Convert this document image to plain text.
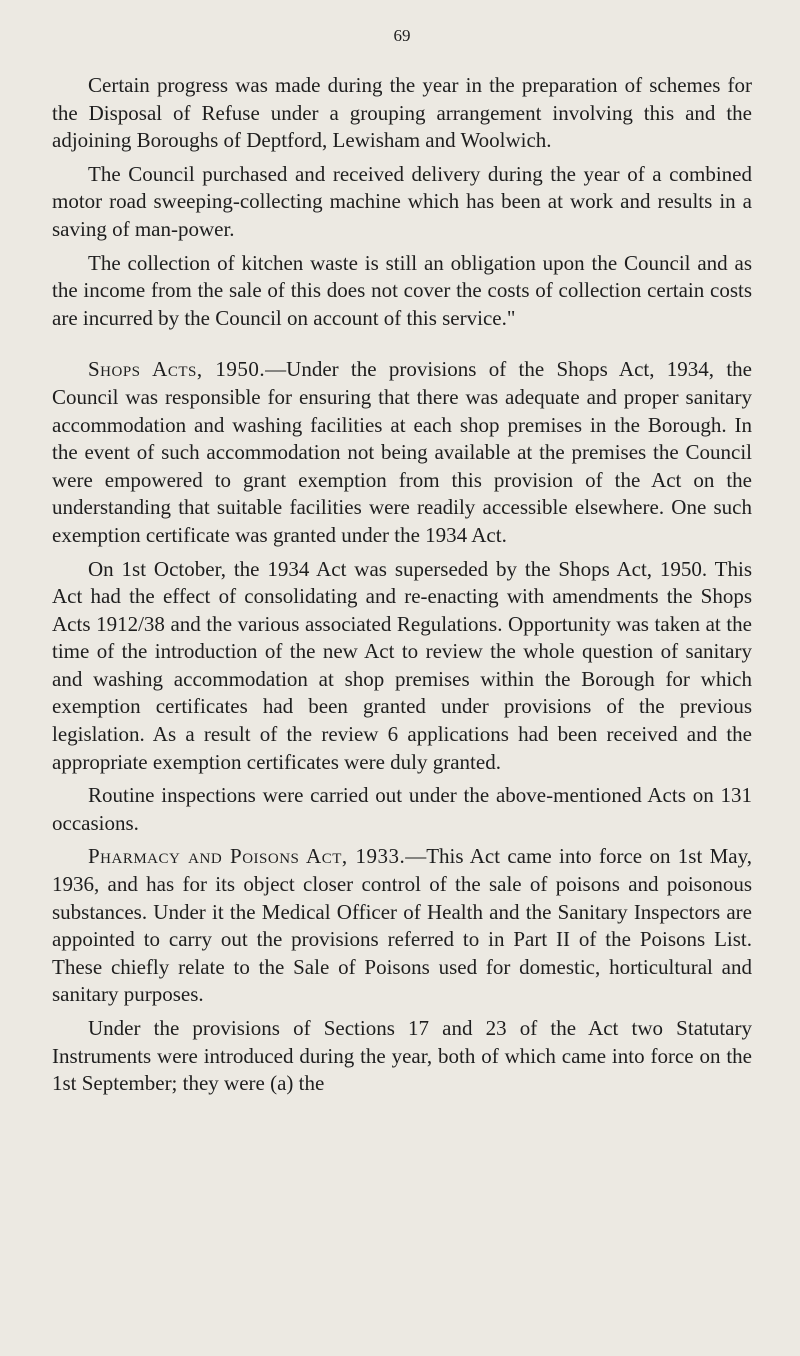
69

Certain progress was made during the year in the preparation of schemes for the Disposal of Refuse under a grouping arrangement involving this and the adjoining Boroughs of Deptford, Lewisham and Woolwich.

The Council purchased and received delivery during the year of a combined motor road sweeping-collecting machine which has been at work and results in a saving of man-power.

The collection of kitchen waste is still an obligation upon the Council and as the income from the sale of this does not cover the costs of collection certain costs are incurred by the Council on account of this service."

Shops Acts, 1950.—Under the provisions of the Shops Act, 1934, the Council was responsible for ensuring that there was adequate and proper sanitary accommodation and washing facilities at each shop premises in the Borough. In the event of such accommodation not being available at the premises the Council were empowered to grant exemption from this provision of the Act on the understanding that suitable facilities were readily accessible elsewhere. One such exemption certificate was granted under the 1934 Act.

On 1st October, the 1934 Act was superseded by the Shops Act, 1950. This Act had the effect of consolidating and re-enacting with amendments the Shops Acts 1912/38 and the various associated Regulations. Opportunity was taken at the time of the introduction of the new Act to review the whole question of sanitary and washing accommodation at shop premises within the Borough for which exemption certificates had been granted under provisions of the previous legislation. As a result of the review 6 applications had been received and the appropriate exemption certificates were duly granted.

Routine inspections were carried out under the above-mentioned Acts on 131 occasions.

Pharmacy and Poisons Act, 1933.—This Act came into force on 1st May, 1936, and has for its object closer control of the sale of poisons and poisonous substances. Under it the Medical Officer of Health and the Sanitary Inspectors are appointed to carry out the provisions referred to in Part II of the Poisons List. These chiefly relate to the Sale of Poisons used for domestic, horticultural and sanitary purposes.

Under the provisions of Sections 17 and 23 of the Act two Statutary Instruments were introduced during the year, both of which came into force on the 1st September; they were (a) the
